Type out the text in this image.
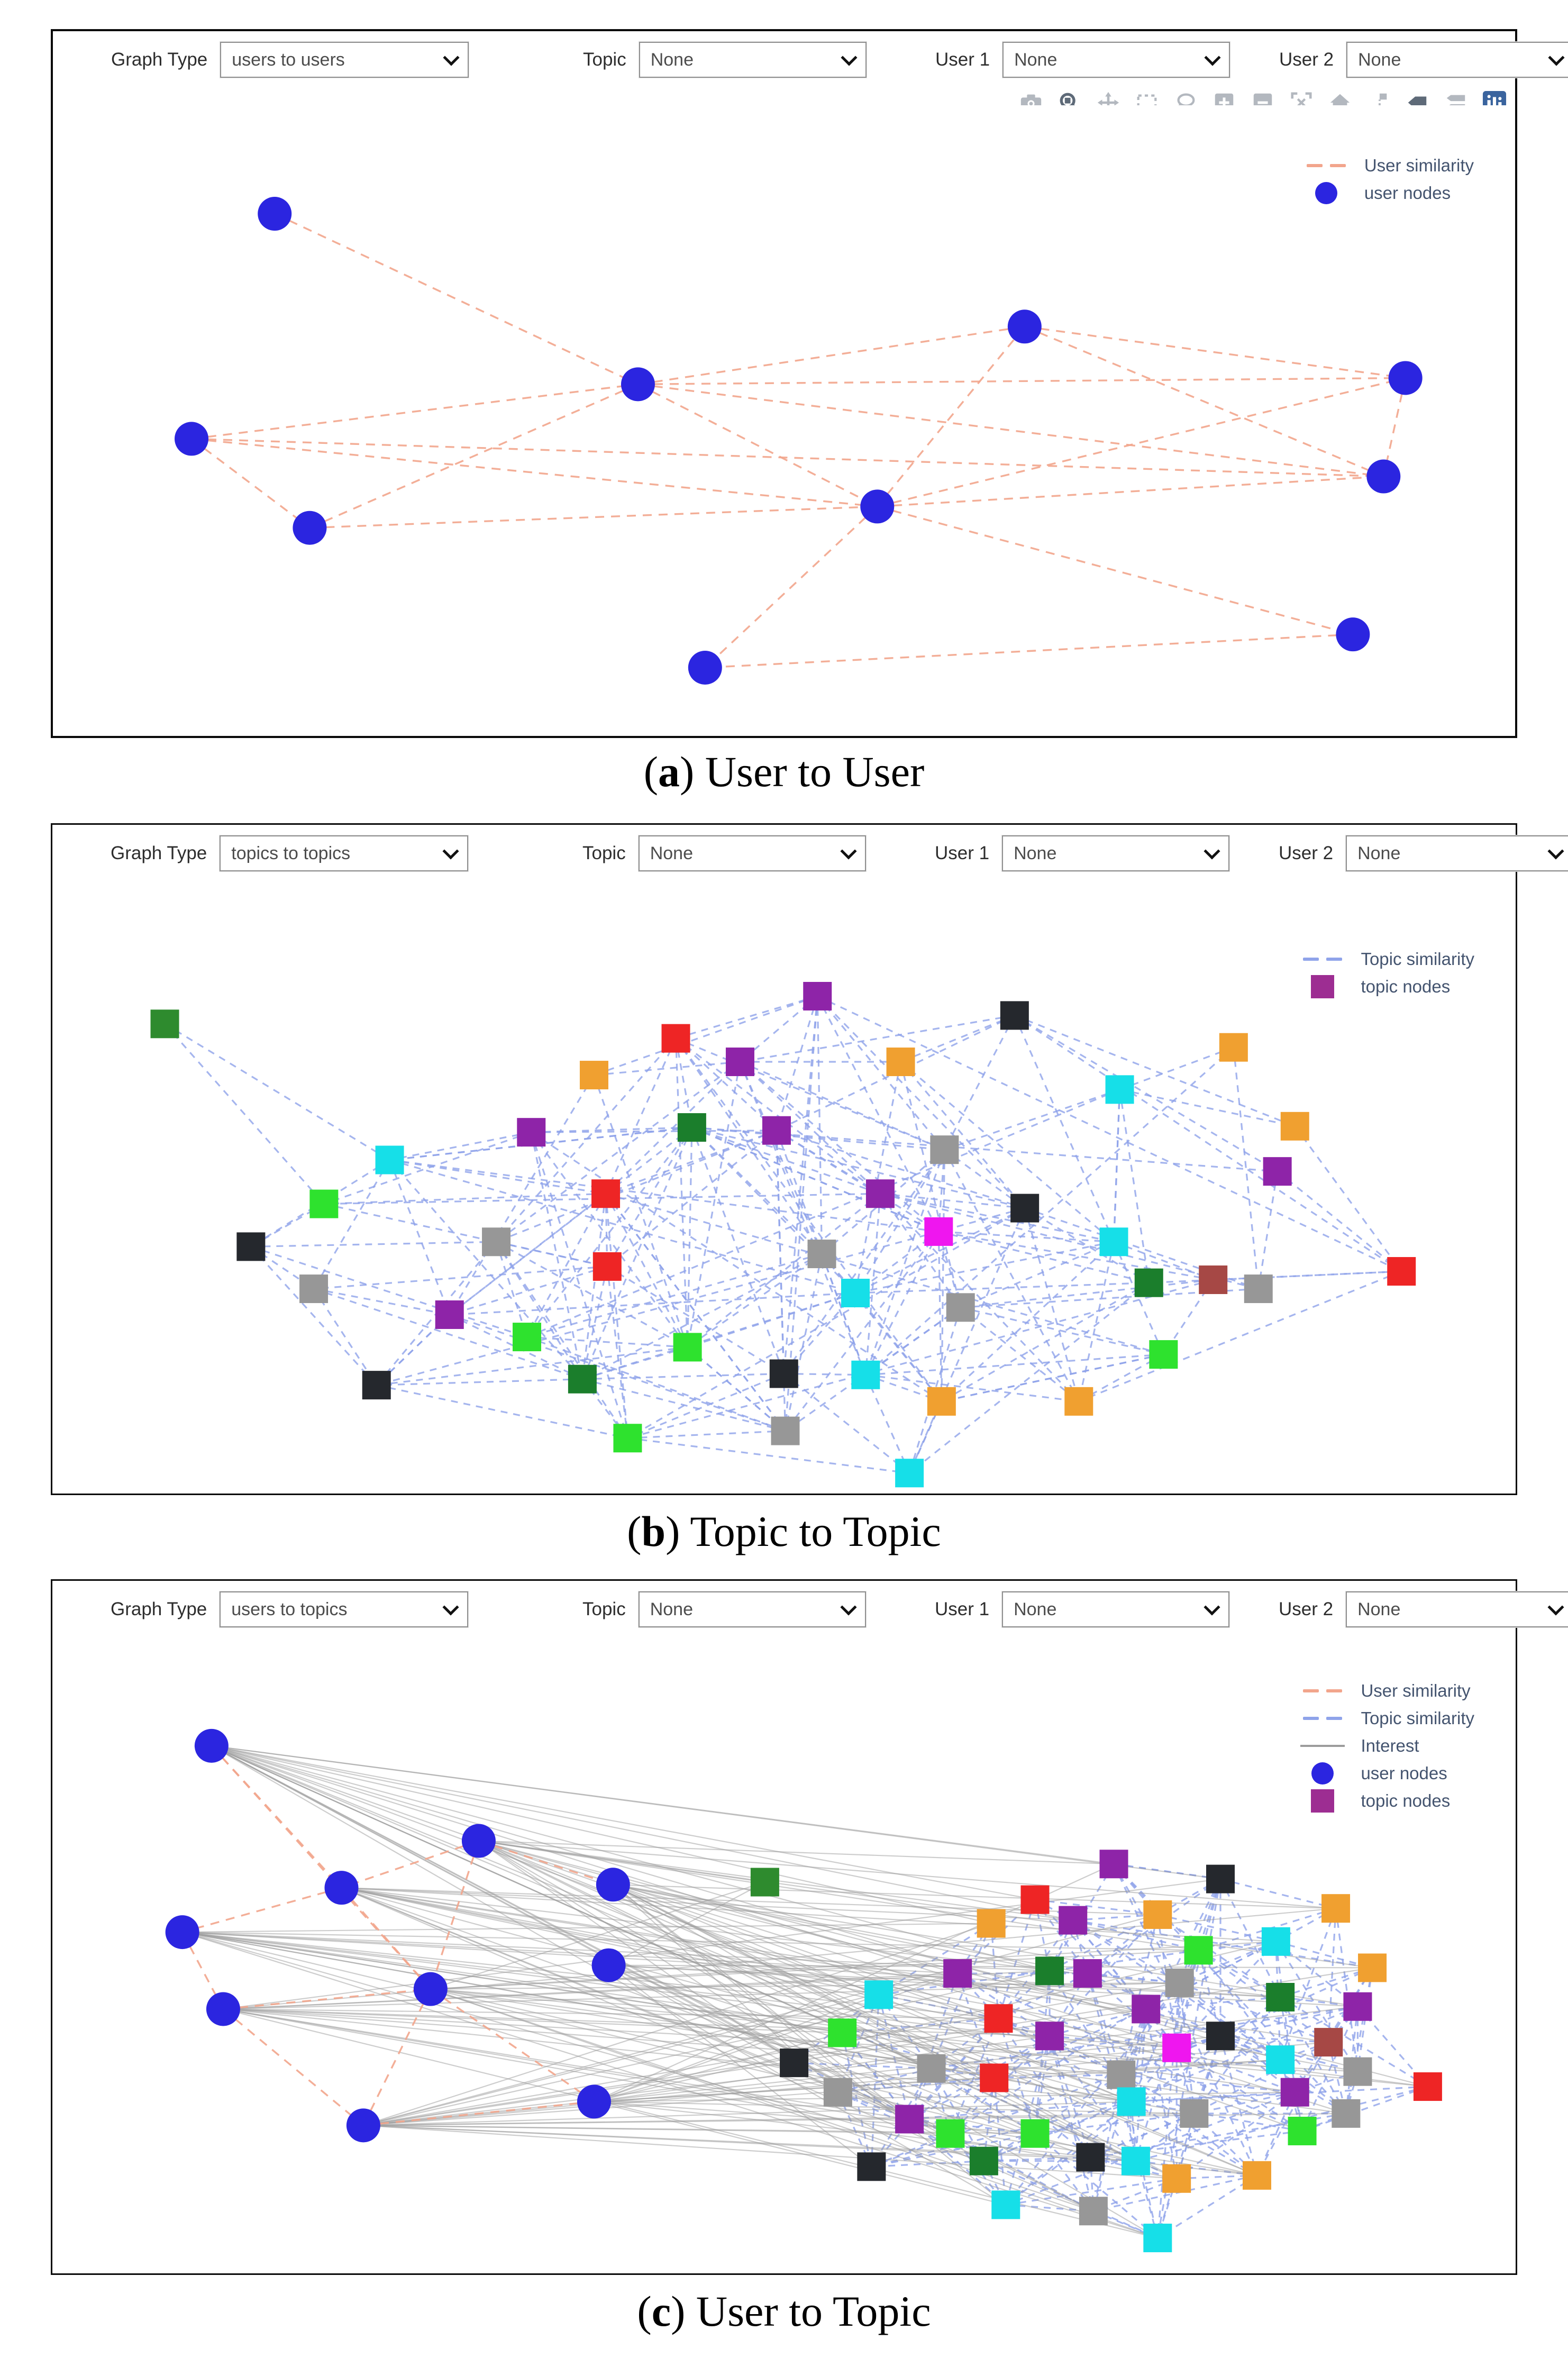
Graph Type users to users	Topic None	User 1 None	User 2 None
User similarity
user nodes
(a) User to User
Graph Type topics to topics	Topic None	User 1 None	User 2 None
Topic similarity
topic nodes
(b) Topic to Topic
Graph Type users to topics	Topic None	User 1 None	User 2 None
User similarity
Topic similarity
Interest
user nodes
topic nodes
(c) User to Topic
